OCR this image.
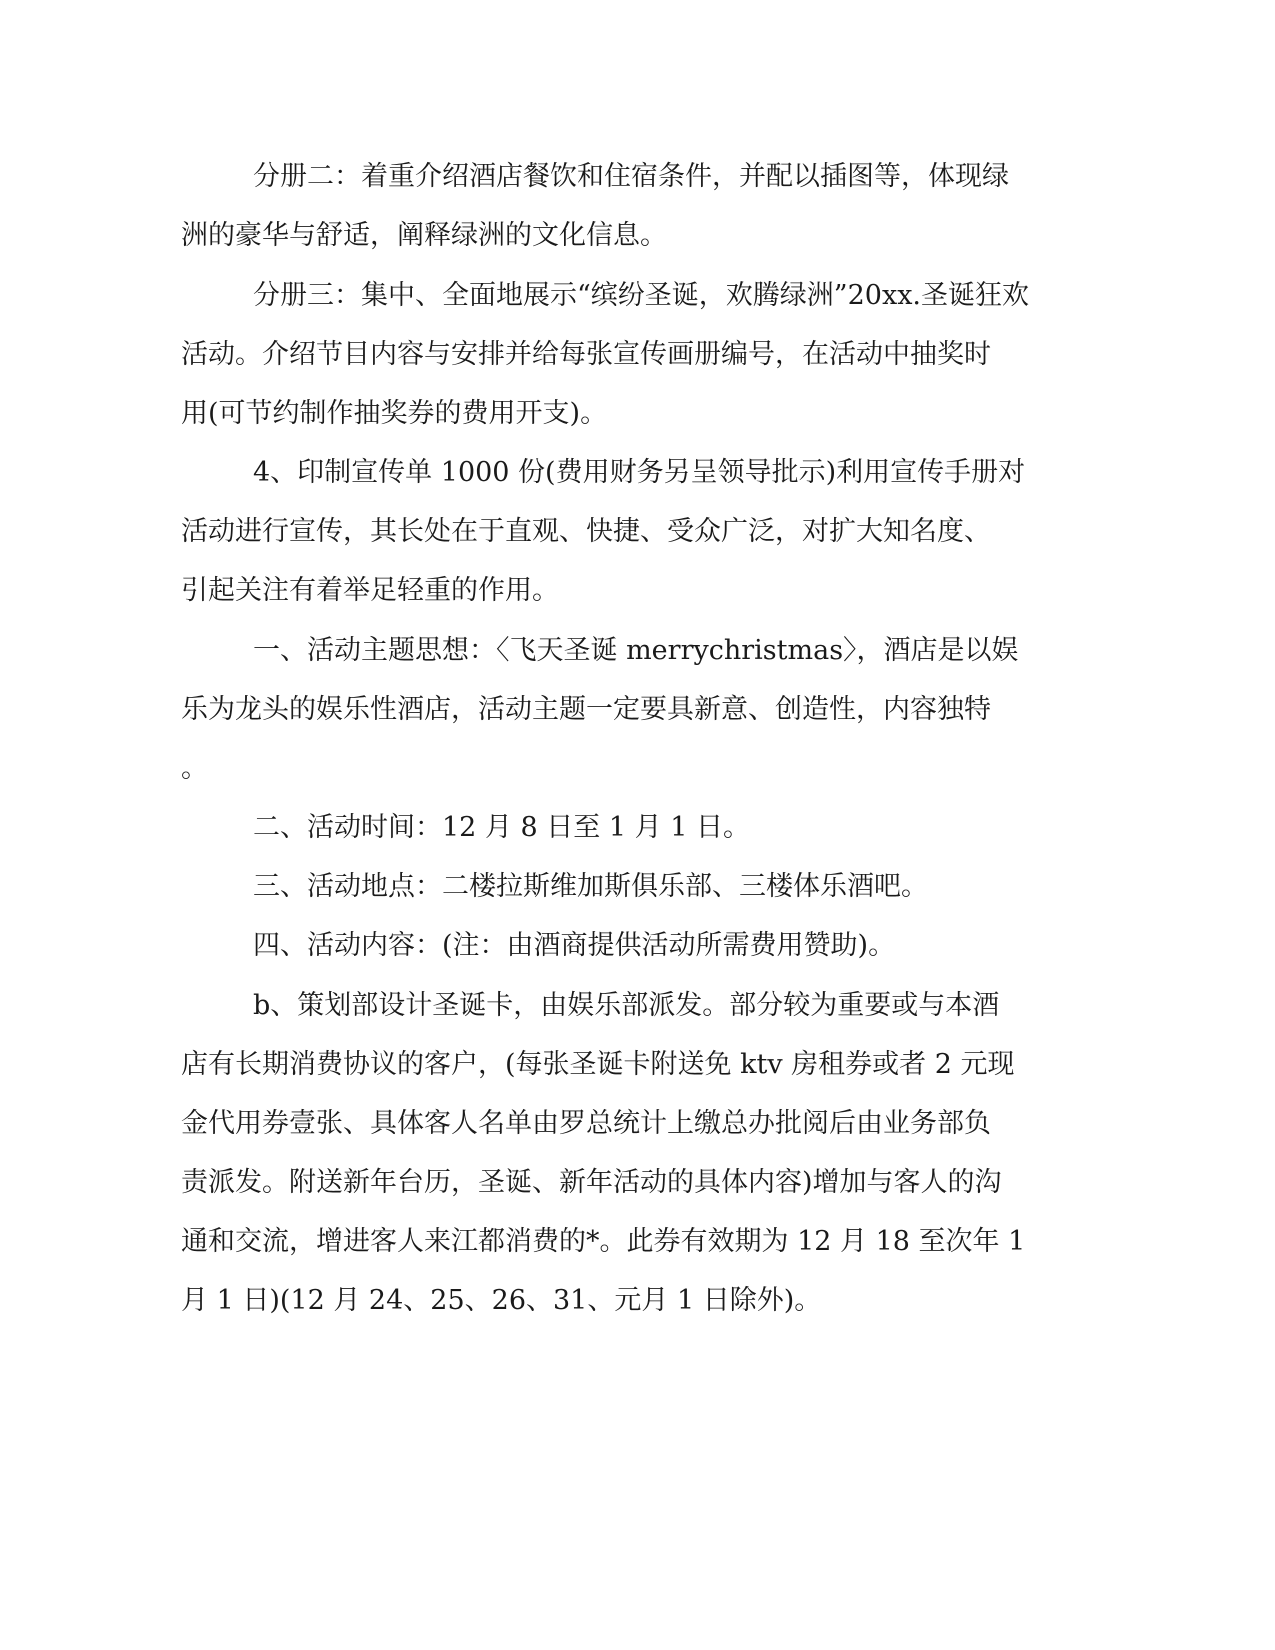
分册二：着重介绍酒店餐饮和住宿条件，并配以插图等，体现绿
洲的豪华与舒适，阐释绿洲的文化信息。
分册三：集中、全面地展示“缤纷圣诞，欢腾绿洲”20xx.圣诞狂欢
活动。介绍节目内容与安排并给每张宣传画册编号，在活动中抽奖时
用(可节约制作抽奖券的费用开支)。
4、印制宣传单 1000 份(费用财务另呈领导批示)利用宣传手册对
活动进行宣传，其长处在于直观、快捷、受众广泛，对扩大知名度、
引起关注有着举足轻重的作用。
一、活动主题思想：〈飞天圣诞 merrychristmas〉，酒店是以娱
乐为龙头的娱乐性酒店，活动主题一定要具新意、创造性，内容独特
。
二、活动时间：12 月 8 日至 1 月 1 日。
三、活动地点：二楼拉斯维加斯俱乐部、三楼体乐酒吧。
四、活动内容：(注：由酒商提供活动所需费用赞助)。
b、策划部设计圣诞卡，由娱乐部派发。部分较为重要或与本酒
店有长期消费协议的客户，(每张圣诞卡附送免 ktv 房租券或者 2 元现
金代用券壹张、具体客人名单由罗总统计上缴总办批阅后由业务部负
责派发。附送新年台历，圣诞、新年活动的具体内容)增加与客人的沟
通和交流，增进客人来江都消费的*。此券有效期为 12 月 18 至次年 1
月 1 日)(12 月 24、25、26、31、元月 1 日除外)。
